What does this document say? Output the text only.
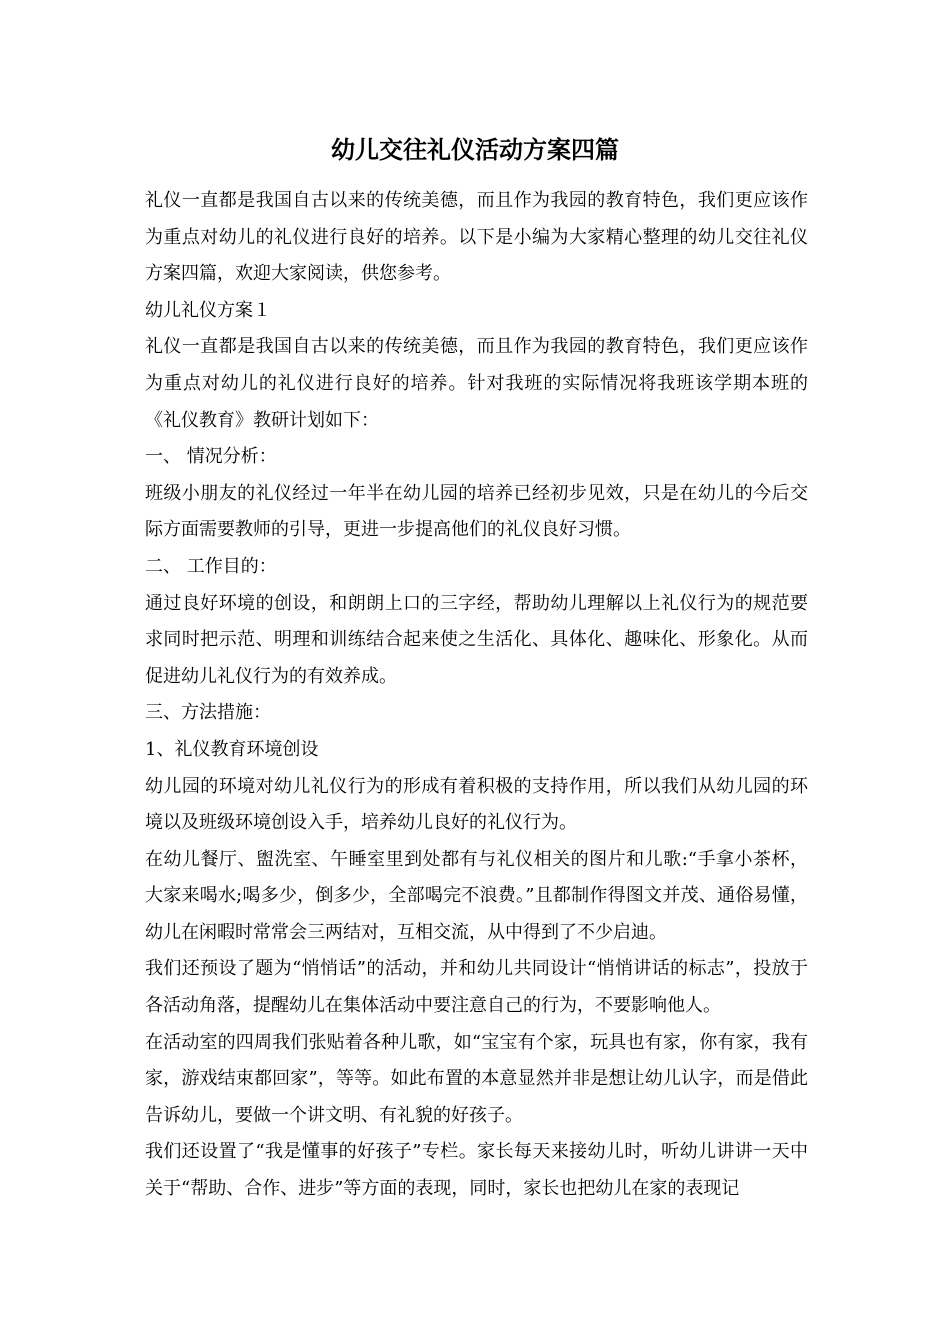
幼儿交往礼仪活动方案四篇

礼仪一直都是我国自古以来的传统美德，而且作为我园的教育特色，我们更应该作为重点对幼儿的礼仪进行良好的培养。以下是小编为大家精心整理的幼儿交往礼仪方案四篇，欢迎大家阅读，供您参考。

幼儿礼仪方案１

礼仪一直都是我国自古以来的传统美德，而且作为我园的教育特色，我们更应该作为重点对幼儿的礼仪进行良好的培养。针对我班的实际情况将我班该学期本班的《礼仪教育》教研计划如下：

一、 情况分析：

班级小朋友的礼仪经过一年半在幼儿园的培养已经初步见效，只是在幼儿的今后交际方面需要教师的引导，更进一步提高他们的礼仪良好习惯。

二、 工作目的：

通过良好环境的创设，和朗朗上口的三字经，帮助幼儿理解以上礼仪行为的规范要求同时把示范、明理和训练结合起来使之生活化、具体化、趣味化、形象化。从而促进幼儿礼仪行为的有效养成。

三、方法措施：

1、礼仪教育环境创设

幼儿园的环境对幼儿礼仪行为的形成有着积极的支持作用，所以我们从幼儿园的环境以及班级环境创设入手，培养幼儿良好的礼仪行为。

在幼儿餐厅、盥洗室、午睡室里到处都有与礼仪相关的图片和儿歌:“手拿小茶杯，大家来喝水;喝多少，倒多少，全部喝完不浪费。”且都制作得图文并茂、通俗易懂，幼儿在闲暇时常常会三两结对，互相交流，从中得到了不少启迪。

我们还预设了题为“悄悄话”的活动，并和幼儿共同设计“悄悄讲话的标志”，投放于各活动角落，提醒幼儿在集体活动中要注意自己的行为，不要影响他人。

在活动室的四周我们张贴着各种儿歌，如“宝宝有个家，玩具也有家，你有家，我有家，游戏结束都回家”，等等。如此布置的本意显然并非是想让幼儿认字，而是借此告诉幼儿，要做一个讲文明、有礼貌的好孩子。

我们还设置了“我是懂事的好孩子”专栏。家长每天来接幼儿时，听幼儿讲讲一天中关于“帮助、合作、进步”等方面的表现，同时，家长也把幼儿在家的表现记
